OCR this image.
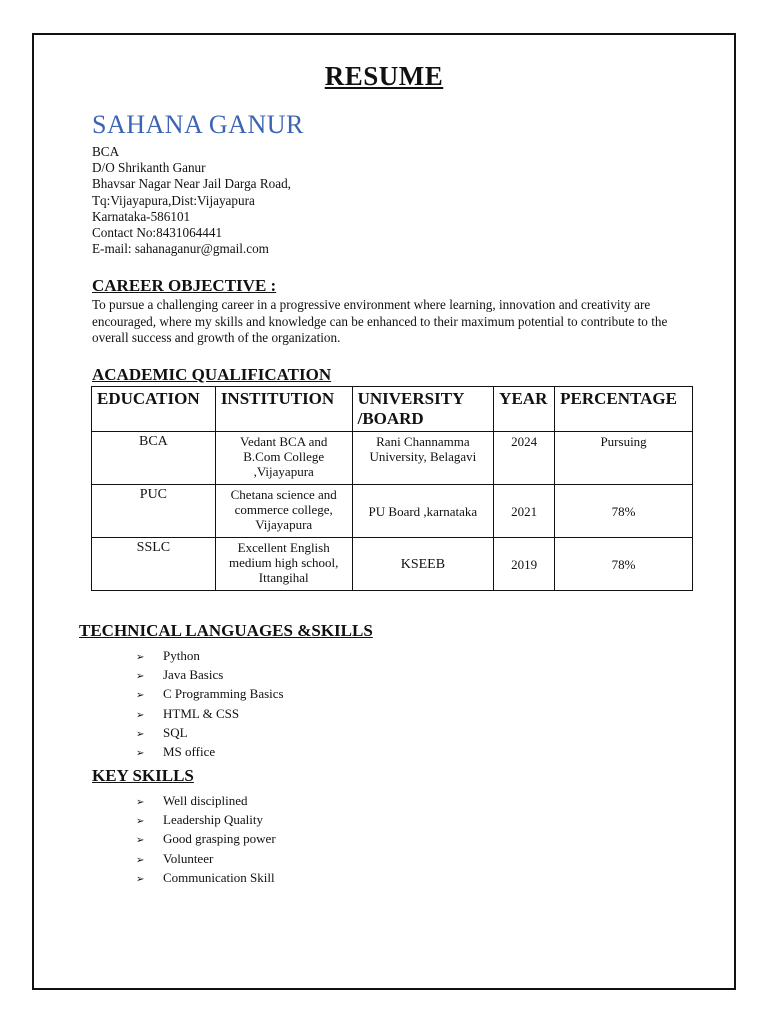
RESUME
SAHANA GANUR
BCA
D/O Shrikanth Ganur
Bhavsar Nagar Near Jail Darga Road,
Tq:Vijayapura,Dist:Vijayapura
Karnataka-586101
Contact No:8431064441
E-mail: sahanaganur@gmail.com
CAREER OBJECTIVE :
To pursue a challenging career in a progressive environment where learning, innovation and creativity are encouraged, where my skills and knowledge can be enhanced to their maximum potential to contribute to the overall success and growth of the organization.
ACADEMIC QUALIFICATION
EDUCATION	INSTITUTION	UNIVERSITY /BOARD	YEAR	PERCENTAGE
BCA	Vedant BCA and B.Com College ,Vijayapura	Rani Channamma University, Belagavi	2024	Pursuing
PUC	Chetana science and commerce college, Vijayapura	PU Board ,karnataka	2021	78%
SSLC	Excellent English medium high school, Ittangihal	KSEEB	2019	78%
TECHNICAL LANGUAGES &SKILLS
➢ Python
➢ Java Basics
➢ C Programming Basics
➢ HTML & CSS
➢ SQL
➢ MS office
KEY SKILLS
➢ Well disciplined
➢ Leadership Quality
➢ Good grasping power
➢ Volunteer
➢ Communication Skill
